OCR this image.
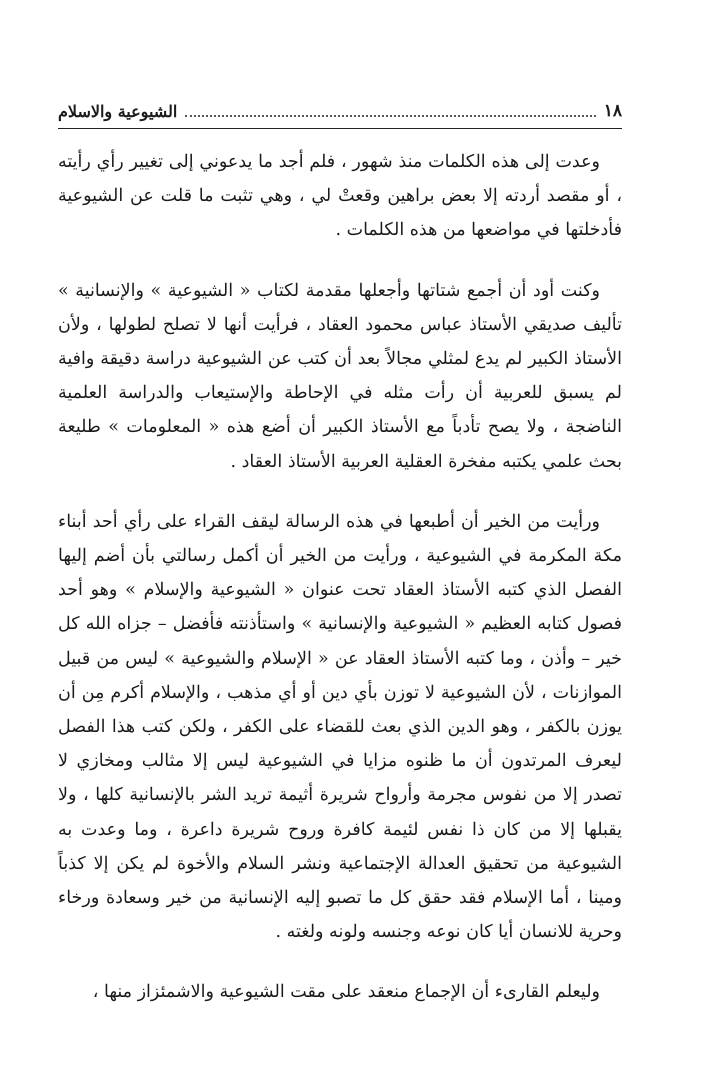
١٨
الشيوعية والاسلام

وعدت إلى هذه الكلمات منذ شهور ، فلم أجد ما يدعوني إلى تغيير رأي رأيته ، أو مقصد أردته إلا بعض براهين وقعتْ لي ، وهي تثبت ما قلت عن الشيوعية فأدخلتها في مواضعها من هذه الكلمات .

وكنت أود أن أجمع شتاتها وأجعلها مقدمة لكتاب « الشيوعية » والإنسانية » تأليف صديقي الأستاذ عباس محمود العقاد ، فرأيت أنها لا تصلح لطولها ، ولأن الأستاذ الكبير لم يدع لمثلي مجالاً بعد أن كتب عن الشيوعية دراسة دقيقة وافية لم يسبق للعربية أن رأت مثله في الإحاطة والإستيعاب والدراسة العلمية الناضجة ، ولا يصح تأدباً مع الأستاذ الكبير أن أضع هذه « المعلومات » طليعة بحث علمي يكتبه مفخرة العقلية العربية الأستاذ العقاد .

ورأيت من الخير أن أطبعها في هذه الرسالة ليقف القراء على رأي أحد أبناء مكة المكرمة في الشيوعية ، ورأيت من الخير أن أكمل رسالتي بأن أضم إليها الفصل الذي كتبه الأستاذ العقاد تحت عنوان « الشيوعية والإسلام » وهو أحد فصول كتابه العظيم « الشيوعية والإنسانية » واستأذنته فأفضل – جزاه الله كل خير – وأذن ، وما كتبه الأستاذ العقاد عن « الإسلام والشيوعية » ليس من قبيل الموازنات ، لأن الشيوعية لا توزن بأي دين أو أي مذهب ، والإسلام أكرم مِن أن يوزن بالكفر ، وهو الدين الذي بعث للقضاء على الكفر ، ولكن كتب هذا الفصل ليعرف المرتدون أن ما ظنوه مزايا في الشيوعية ليس إلا مثالب ومخازي لا تصدر إلا من نفوس مجرمة وأرواح شريرة أثيمة تريد الشر بالإنسانية كلها ، ولا يقبلها إلا من كان ذا نفس لئيمة كافرة وروح شريرة داعرة ، وما وعدت به الشيوعية من تحقيق العدالة الإجتماعية ونشر السلام والأخوة لم يكن إلا كذباً ومينا ، أما الإسلام فقد حقق كل ما تصبو إليه الإنسانية من خير وسعادة ورخاء وحرية للانسان أيا كان نوعه وجنسه ولونه ولغته .

وليعلم القارىء أن الإجماع منعقد على مقت الشيوعية والاشمئزاز منها ،
